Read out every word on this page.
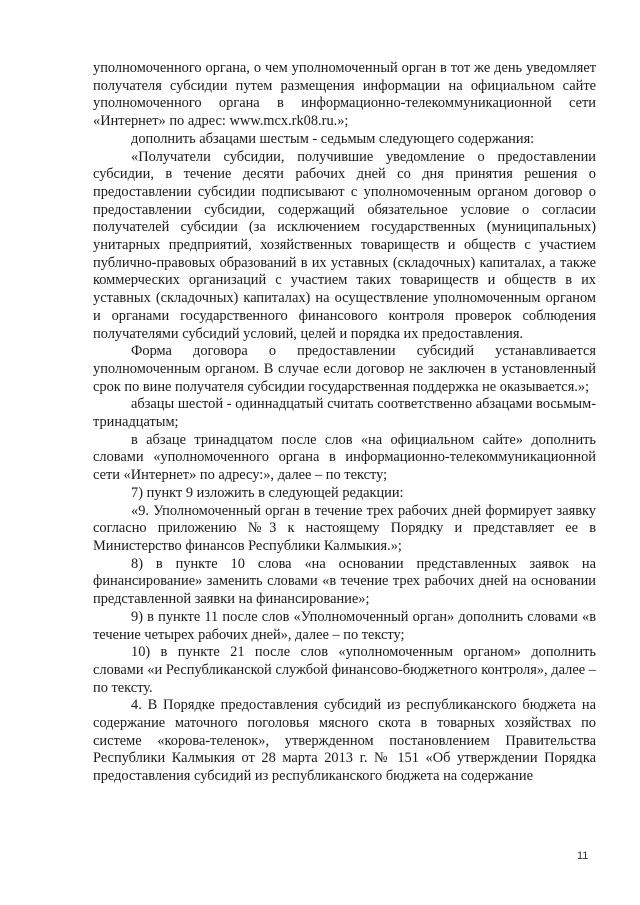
уполномоченного органа, о чем уполномоченный орган в тот же день уведомляет получателя субсидии путем размещения информации на официальном сайте уполномоченного органа в информационно-телекоммуникационной сети «Интернет» по адрес: www.mcx.rk08.ru.»;

дополнить абзацами шестым - седьмым следующего содержания:

«Получатели субсидии, получившие уведомление о предоставлении субсидии, в течение десяти рабочих дней со дня принятия решения о предоставлении субсидии подписывают с уполномоченным органом договор о предоставлении субсидии, содержащий обязательное условие о согласии получателей субсидии (за исключением государственных (муниципальных) унитарных предприятий, хозяйственных товариществ и обществ с участием публично-правовых образований в их уставных (складочных) капиталах, а также коммерческих организаций с участием таких товариществ и обществ в их уставных (складочных) капиталах) на осуществление уполномоченным органом и органами государственного финансового контроля проверок соблюдения получателями субсидий условий, целей и порядка их предоставления.

Форма договора о предоставлении субсидий устанавливается уполномоченным органом. В случае если договор не заключен в установленный срок по вине получателя субсидии государственная поддержка не оказывается.»;

абзацы шестой - одиннадцатый считать соответственно абзацами восьмым-тринадцатым;

в абзаце тринадцатом после слов «на официальном сайте» дополнить словами «уполномоченного органа в информационно-телекоммуникационной сети «Интернет» по адресу:», далее – по тексту;

7) пункт 9 изложить в следующей редакции:

«9. Уполномоченный орган в течение трех рабочих дней формирует заявку согласно приложению №3 к настоящему Порядку и представляет ее в Министерство финансов Республики Калмыкия.»;

8) в пункте 10 слова «на основании представленных заявок на финансирование» заменить словами «в течение трех рабочих дней на основании представленной заявки на финансирование»;

9) в пункте 11 после слов «Уполномоченный орган» дополнить словами «в течение четырех рабочих дней», далее – по тексту;

10) в пункте 21 после слов «уполномоченным органом» дополнить словами «и Республиканской службой финансово-бюджетного контроля», далее – по тексту.

4. В Порядке предоставления субсидий из республиканского бюджета на содержание маточного поголовья мясного скота в товарных хозяйствах по системе «корова-теленок», утвержденном постановлением Правительства Республики Калмыкия от 28 марта 2013 г. № 151 «Об утверждении Порядка предоставления субсидий из республиканского бюджета на содержание

11
